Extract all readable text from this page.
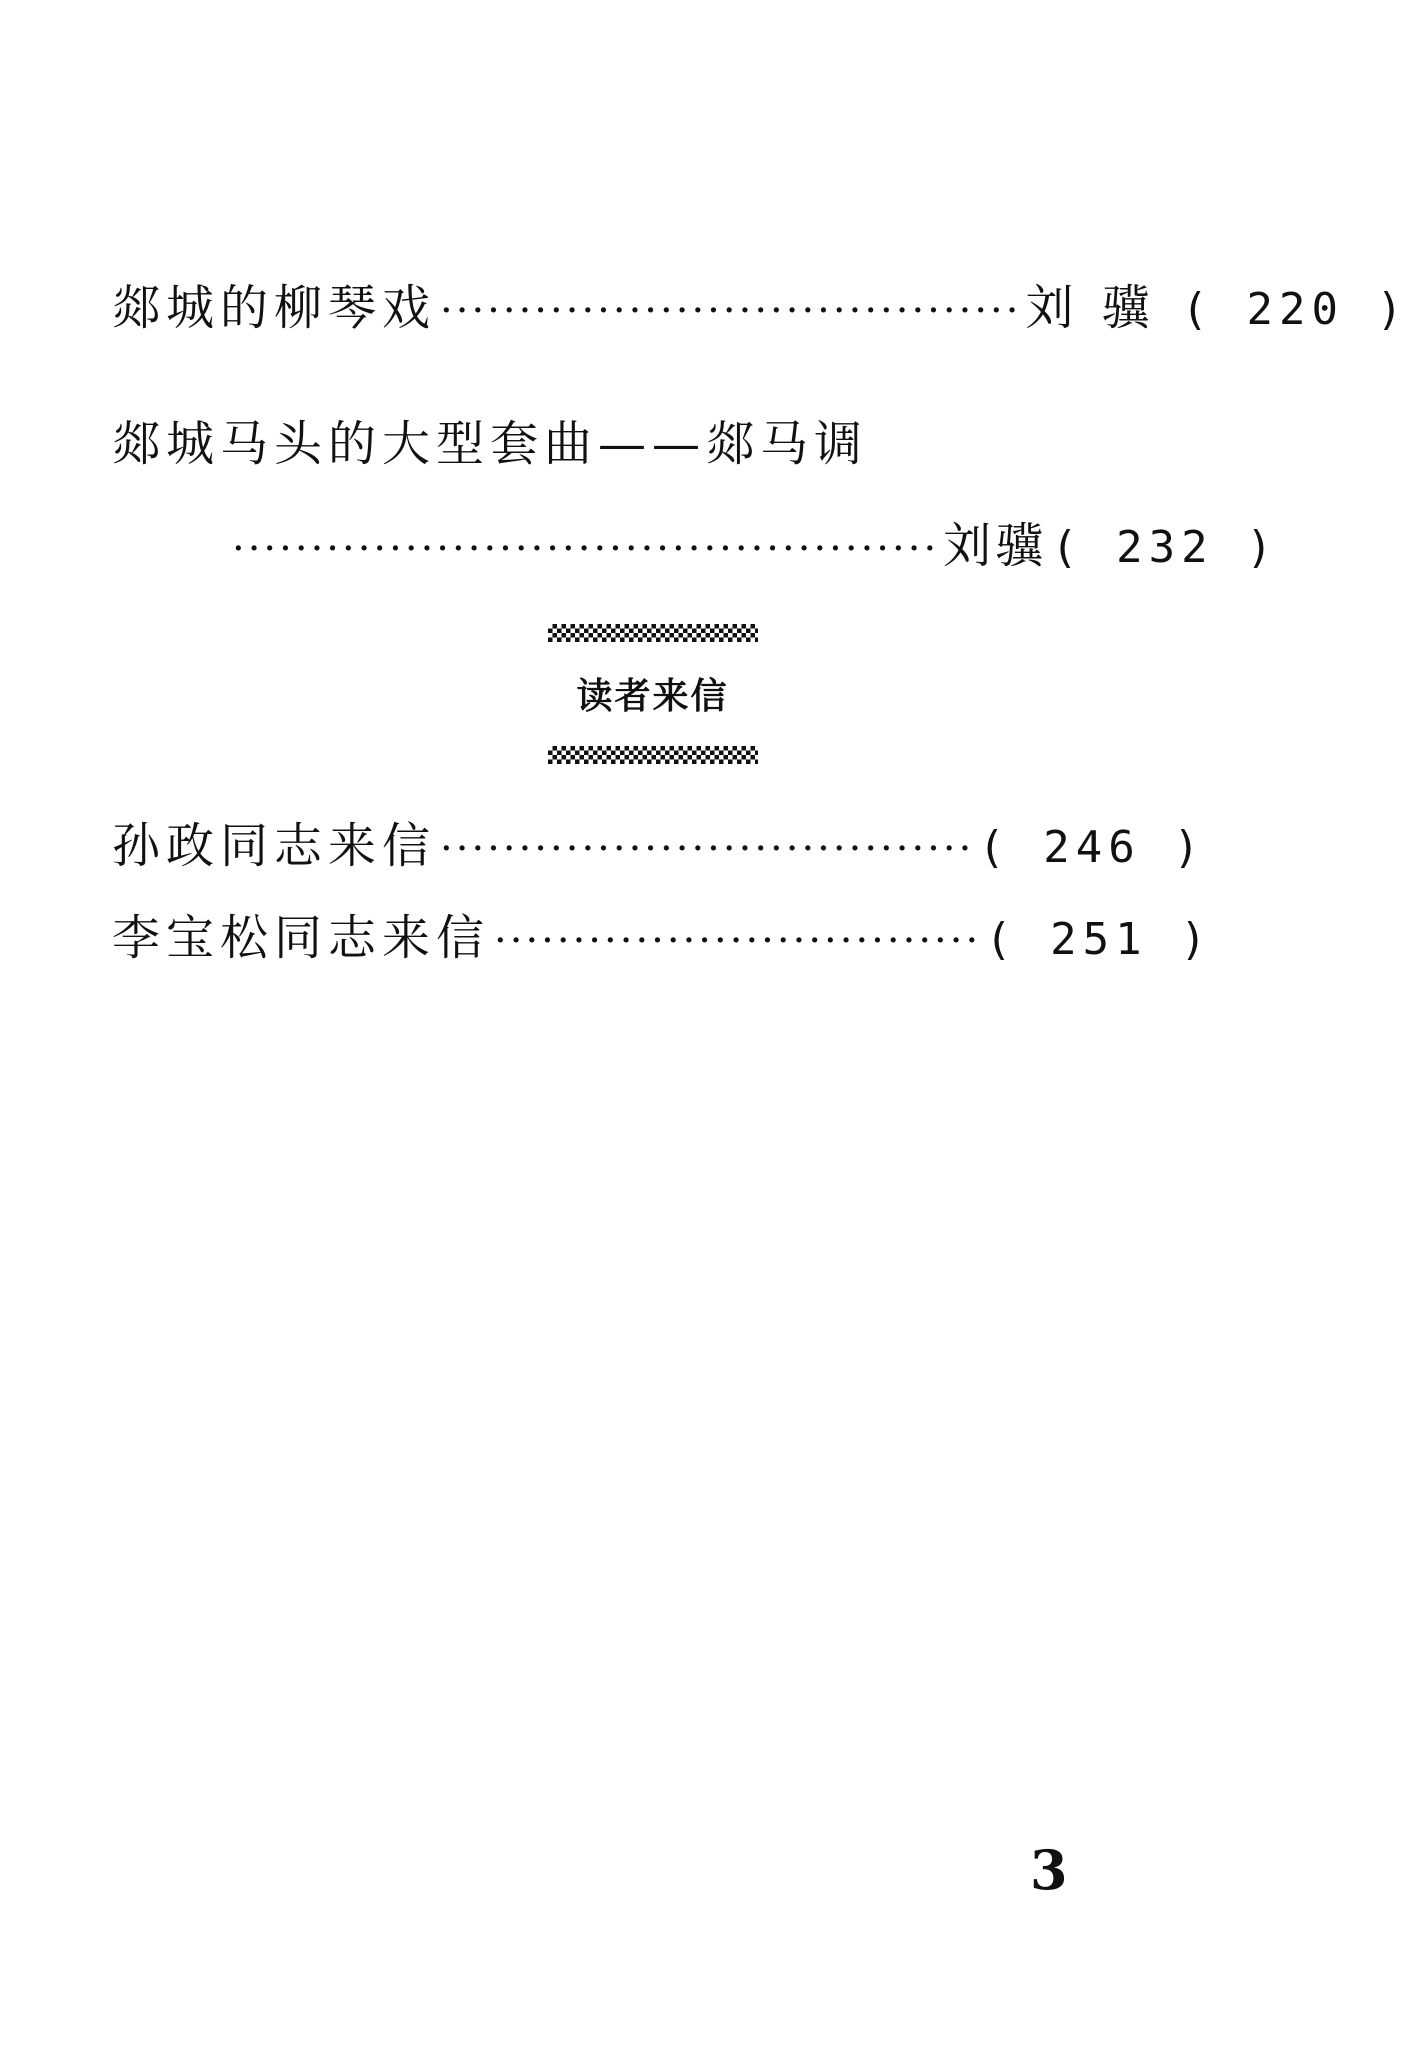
郯城的柳琴戏 ····································· 刘骥 ( 220 )
郯城马头的大型套曲——郯马调
············································· 刘骥 ( 232 )
读者来信
孙政同志来信 ·································· ( 246 )
李宝松同志来信 ······························· ( 251 )
3
